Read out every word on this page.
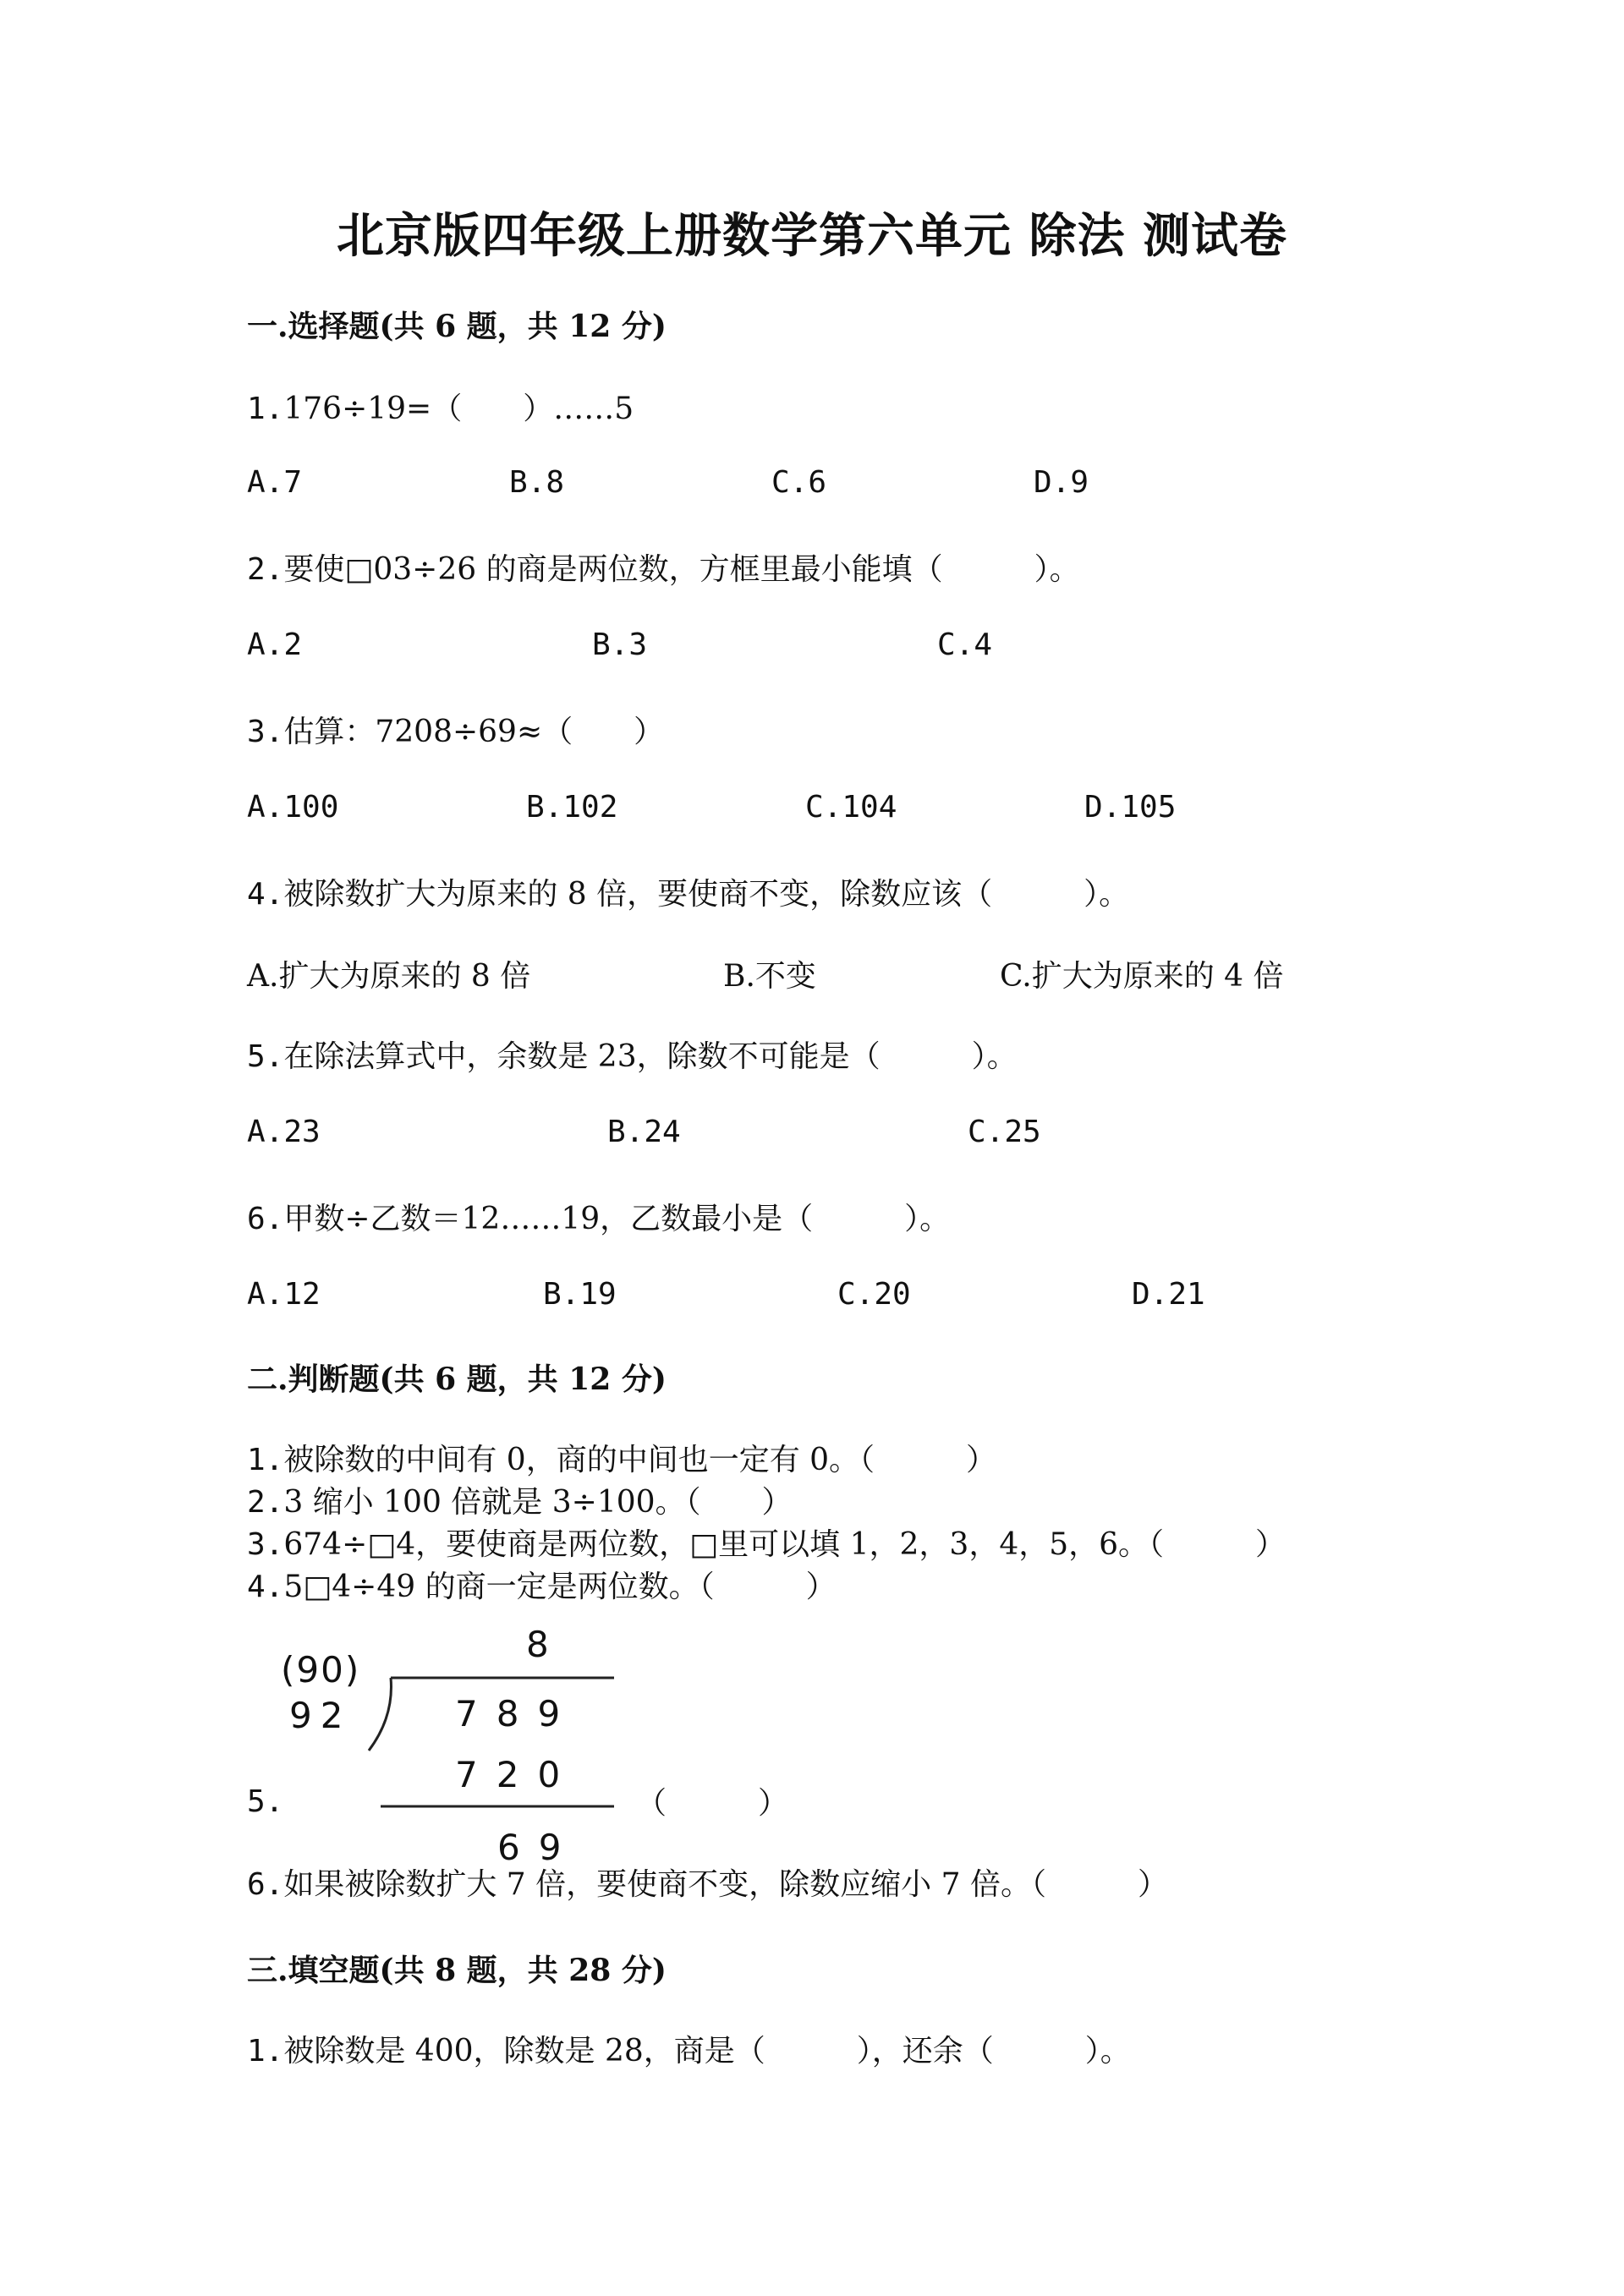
北京版四年级上册数学第六单元 除法 测试卷
一.选择题(共 6 题，共 12 分)
1.176÷19=（　　）……5
A.7	B.8	C.6	D.9
2.要使□03÷26 的商是两位数，方框里最小能填（　　　）。
A.2	B.3	C.4
3.估算：7208÷69≈（　　）
A.100	B.102	C.104	D.105
4.被除数扩大为原来的 8 倍，要使商不变，除数应该（　　　）。
A.扩大为原来的 8 倍	B.不变	C.扩大为原来的 4 倍
5.在除法算式中，余数是 23，除数不可能是（　　　）。
A.23	B.24	C.25
6.甲数÷乙数＝12……19，乙数最小是（　　　）。
A.12	B.19	C.20	D.21
二.判断题(共 6 题，共 12 分)
1.被除数的中间有 0，商的中间也一定有 0。（　　　）
2.3 缩小 100 倍就是 3÷100。（　　）
3.674÷□4，要使商是两位数，□里可以填 1，2，3，4，5，6。（　　　）
4.5□4÷49 的商一定是两位数。（　　　）
(90)
8
92	789
720
69
5.	（　　　）
6.如果被除数扩大 7 倍，要使商不变，除数应缩小 7 倍。（　　　）
三.填空题(共 8 题，共 28 分)
1.被除数是 400，除数是 28，商是（　　　），还余（　　　）。
